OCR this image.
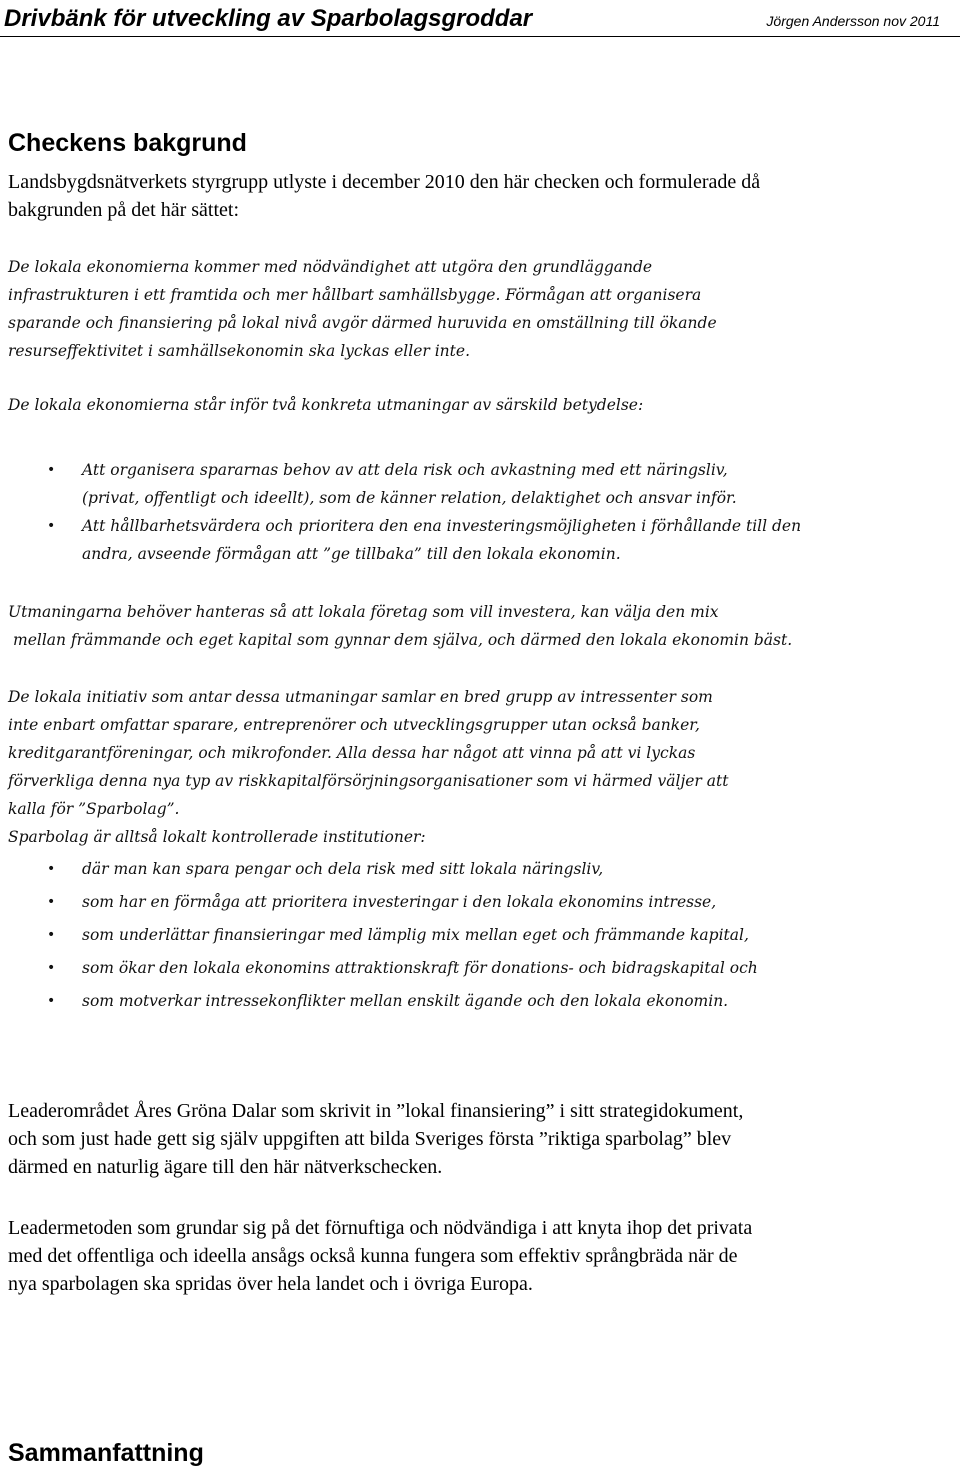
Drivbänk för utveckling av Sparbolagsgroddar	Jörgen Andersson nov 2011
Checkens bakgrund
Landsbygdsnätverkets styrgrupp utlyste i december 2010 den här checken och formulerade då
bakgrunden på det här sättet:
De lokala ekonomierna kommer med nödvändighet att utgöra den grundläggande
infrastrukturen i ett framtida och mer hållbart samhällsbygge. Förmågan att organisera
sparande och finansiering på lokal nivå avgör därmed huruvida en omställning till ökande
resurseffektivitet i samhällsekonomin ska lyckas eller inte.
De lokala ekonomierna står inför två konkreta utmaningar av särskild betydelse:
• Att organisera spararnas behov av att dela risk och avkastning med ett näringsliv,

(privat, offentligt och ideellt), som de känner relation, delaktighet och ansvar inför.

• Att hållbarhetsvärdera och prioritera den ena investeringsmöjligheten i förhållande till den

andra, avseende förmågan att ”ge tillbaka” till den lokala ekonomin.

Utmaningarna behöver hanteras så att lokala företag som vill investera, kan välja den mix
mellan främmande och eget kapital som gynnar dem själva, och därmed den lokala ekonomin bäst.
De lokala initiativ som antar dessa utmaningar samlar en bred grupp av intressenter som
inte enbart omfattar sparare, entreprenörer och utvecklingsgrupper utan också banker,
kreditgarantföreningar, och mikrofonder. Alla dessa har något att vinna på att vi lyckas
förverkliga denna nya typ av riskkapitalförsörjningsorganisationer som vi härmed väljer att
kalla för ”Sparbolag”.
Sparbolag är alltså lokalt kontrollerade institutioner:
• där man kan spara pengar och dela risk med sitt lokala näringsliv,

• som har en förmåga att prioritera investeringar i den lokala ekonomins intresse,

• som underlättar finansieringar med lämplig mix mellan eget och främmande kapital,

• som ökar den lokala ekonomins attraktionskraft för donations- och bidragskapital och

• som motverkar intressekonflikter mellan enskilt ägande och den lokala ekonomin.

Leaderområdet Åres Gröna Dalar som skrivit in ”lokal finansiering” i sitt strategidokument,
och som just hade gett sig själv uppgiften att bilda Sveriges första ”riktiga sparbolag” blev
därmed en naturlig ägare till den här nätverkschecken.
Leadermetoden som grundar sig på det förnuftiga och nödvändiga i att knyta ihop det privata
med det offentliga och ideella ansågs också kunna fungera som effektiv språngbräda när de
nya sparbolagen ska spridas över hela landet och i övriga Europa.
Sammanfattning
